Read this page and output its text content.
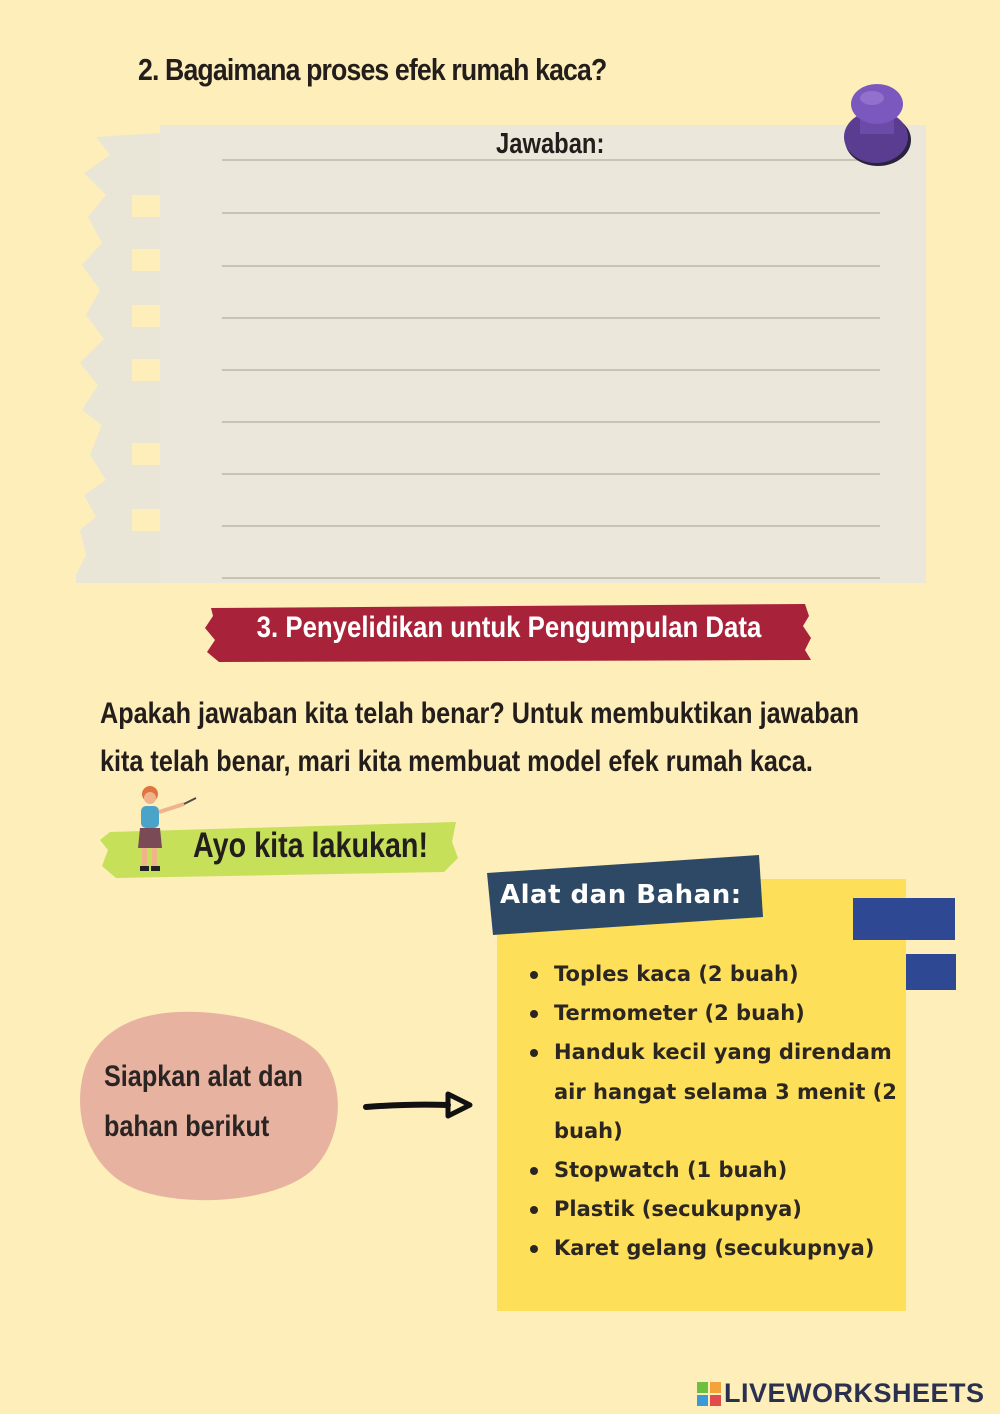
2. Bagaimana proses efek rumah kaca?
Jawaban:
3. Penyelidikan untuk Pengumpulan Data
Apakah jawaban kita telah benar? Untuk membuktikan jawaban kita telah benar, mari kita membuat model efek rumah kaca.
Ayo kita lakukan!
Siapkan alat dan bahan berikut
Alat dan Bahan:
Toples kaca (2 buah)
Termometer (2 buah)
Handuk kecil yang direndam air hangat selama 3 menit (2 buah)
Stopwatch (1 buah)
Plastik (secukupnya)
Karet gelang (secukupnya)
LIVEWORKSHEETS
